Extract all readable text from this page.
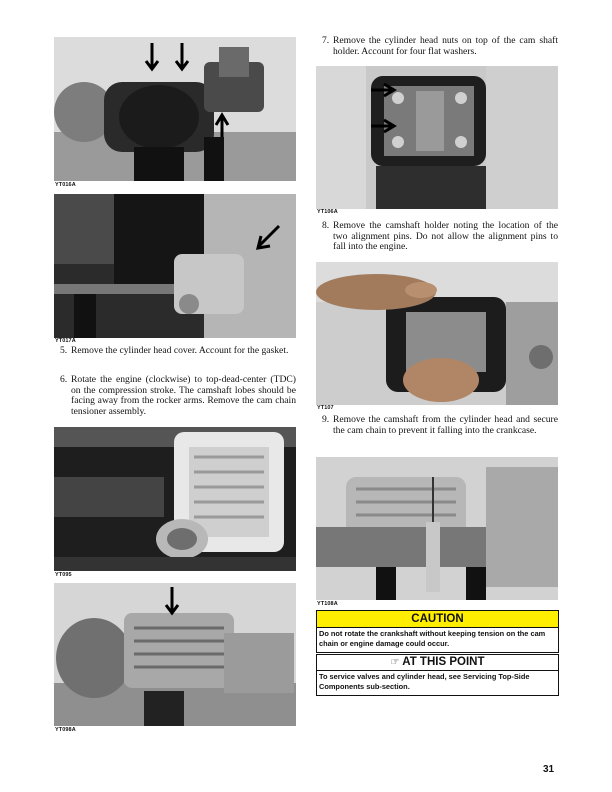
YT016A
YT017A
5. Remove the cylinder head cover. Account for the gasket.
6. Rotate the engine (clockwise) to top-dead-center (TDC) on the compression stroke. The camshaft lobes should be facing away from the rocker arms. Remove the cam chain tensioner assembly.
YT095
YT098A
7. Remove the cylinder head nuts on top of the cam shaft holder. Account for four flat washers.
YT106A
8. Remove the camshaft holder noting the location of the two alignment pins. Do not allow the alignment pins to fall into the engine.
YT107
9. Remove the camshaft from the cylinder head and secure the cam chain to prevent it falling into the crankcase.
YT108A
CAUTION
Do not rotate the crankshaft without keeping tension on the cam chain or engine damage could occur.
☞ AT THIS POINT
To service valves and cylinder head, see Servicing Top-Side Components sub-section.
31
